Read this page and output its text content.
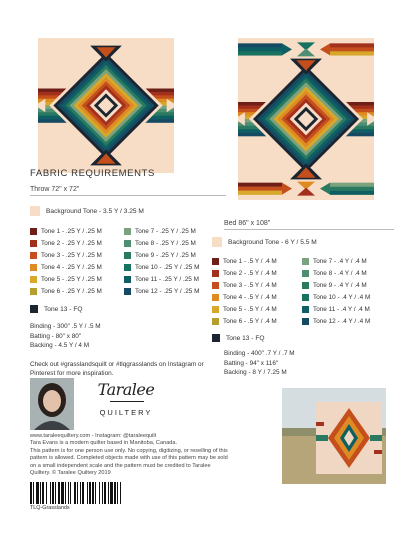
FABRIC REQUIREMENTS
Throw 72" x 72"
Background Tone - 3.5 Y / 3.25 M
Tone 1 - .25 Y / .25 M	Tone 7 - .25 Y / .25 M
Tone 2 - .25 Y / .25 M	Tone 8 - .25 Y / .25 M
Tone 3 - .25 Y / .25 M	Tone 9 - .25 Y / .25 M
Tone 4 - .25 Y / .25 M	Tone 10 - .25 Y / .25 M
Tone 5 - .25 Y / .25 M	Tone 11 - .25 Y / .25 M
Tone 6 - .25 Y / .25 M	Tone 12 - .25 Y / .25 M
Tone 13 - FQ
Binding - 300" .5 Y / .5 M
Batting - 80" x 80"
Backing - 4.5 Y / 4 M
Bed 86" x 108"
Background Tone - 6 Y / 5.5 M
Tone 1 - .5 Y / .4 M	Tone 7 - .4 Y / .4 M
Tone 2 - .5 Y / .4 M	Tone 8 - .4 Y / .4 M
Tone 3 - .5 Y / .4 M	Tone 9 - .4 Y / .4 M
Tone 4 - .5 Y / .4 M	Tone 10 - .4 Y / .4 M
Tone 5 - .5 Y / .4 M	Tone 11 - .4 Y / .4 M
Tone 6 - .5 Y / .4 M	Tone 12 - .4 Y / .4 M
Tone 13 - FQ
Binding - 400" .7 Y / .7 M
Batting - 94" x 116"
Backing - 8 Y / 7.25 M
Check out #grasslandsquilt or #tlqgrasslands on Instagram or Pinterest for more inspiration.
Taralee
QUILTERY
www.taraleequiltery.com - Instagram: @taraleequilt
Tara Evans is a modern quilter based in Manitoba, Canada.
This pattern is for one person use only. No copying, digitizing, or reselling of this pattern is allowed. Completed objects made with use of this pattern may be sold on a small independent scale and the pattern must be credited to Taralee Quiltery. © Taralee Quiltery 2019
TLQ-Grasslands
